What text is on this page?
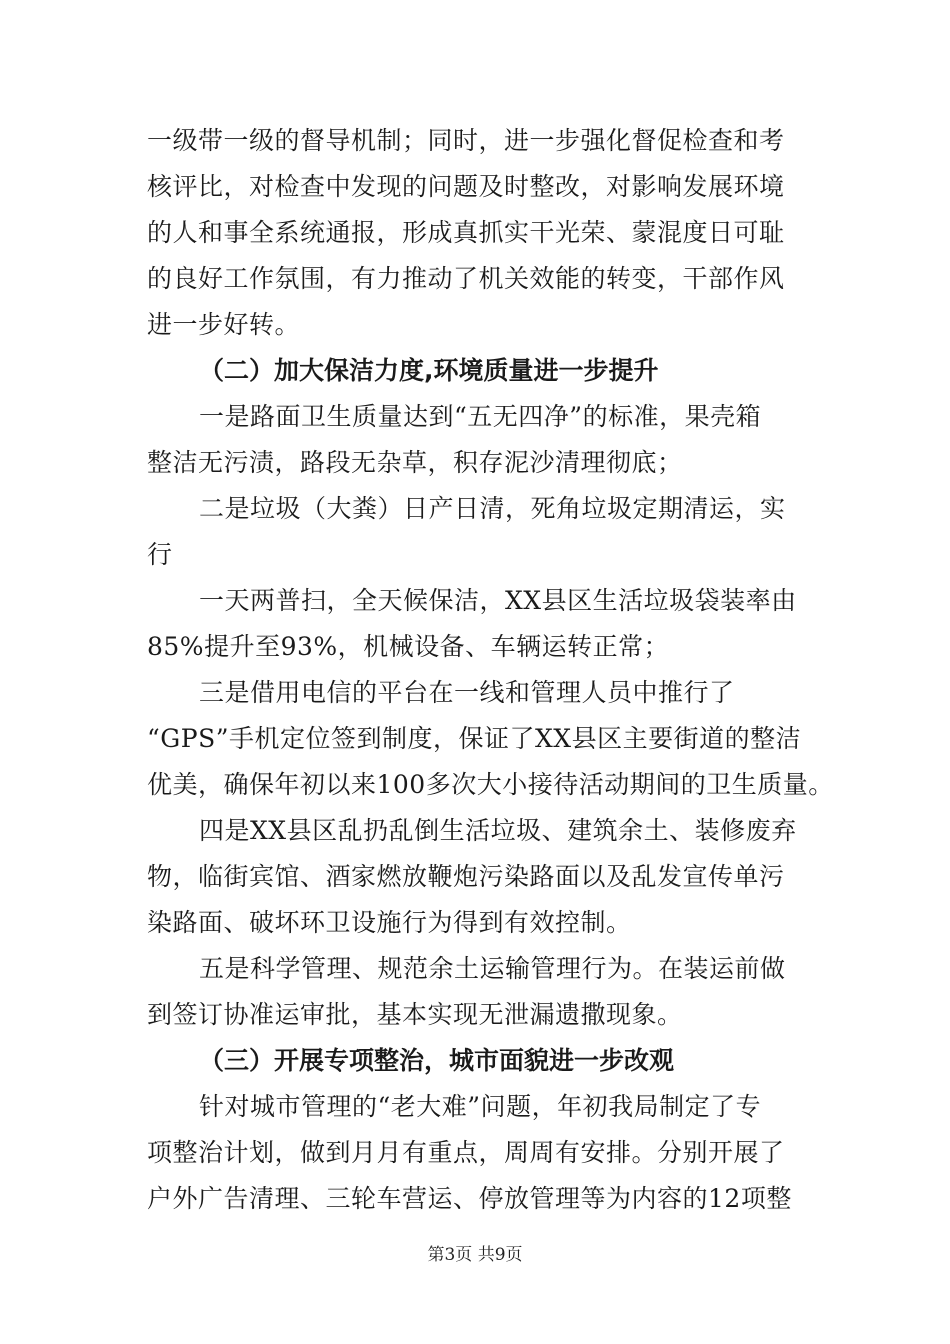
一级带一级的督导机制；同时，进一步强化督促检查和考
核评比，对检查中发现的问题及时整改，对影响发展环境
的人和事全系统通报，形成真抓实干光荣、蒙混度日可耻
的良好工作氛围，有力推动了机关效能的转变，干部作风
进一步好转。
（二）加大保洁力度,环境质量进一步提升
一是路面卫生质量达到“五无四净”的标准，果壳箱
整洁无污渍，路段无杂草，积存泥沙清理彻底；
二是垃圾（大粪）日产日清，死角垃圾定期清运，实
行
一天两普扫，全天候保洁，XX县区生活垃圾袋装率由
85%提升至93%，机械设备、车辆运转正常；
三是借用电信的平台在一线和管理人员中推行了
“GPS”手机定位签到制度，保证了XX县区主要街道的整洁
优美，确保年初以来100多次大小接待活动期间的卫生质量。
四是XX县区乱扔乱倒生活垃圾、建筑余土、装修废弃
物，临街宾馆、酒家燃放鞭炮污染路面以及乱发宣传单污
染路面、破坏环卫设施行为得到有效控制。
五是科学管理、规范余土运输管理行为。在装运前做
到签订协准运审批，基本实现无泄漏遗撒现象。
（三）开展专项整治，城市面貌进一步改观
针对城市管理的“老大难”问题，年初我局制定了专
项整治计划，做到月月有重点，周周有安排。分别开展了
户外广告清理、三轮车营运、停放管理等为内容的12项整
第3页 共9页
